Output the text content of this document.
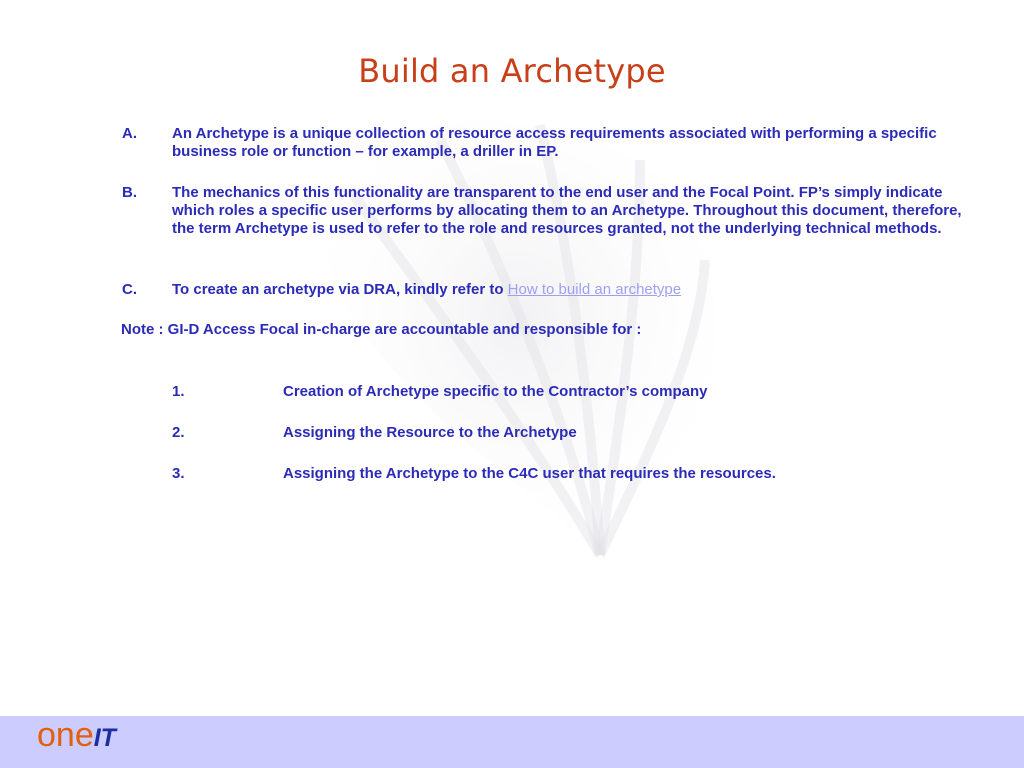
Build an Archetype
A. An Archetype is a unique collection of resource access requirements associated with performing a specific business role or function – for example, a driller in EP.
B. The mechanics of this functionality are transparent to the end user and the Focal Point. FP’s simply indicate which roles a specific user performs by allocating them to an Archetype. Throughout this document, therefore, the term Archetype is used to refer to the role and resources granted, not the underlying technical methods.
C. To create an archetype via DRA, kindly refer to How to build an archetype
Note : GI-D Access Focal in-charge are accountable and responsible for :
1.	Creation of Archetype specific to the Contractor’s company
2.	Assigning the Resource to the Archetype
3.	Assigning the Archetype to the C4C user that requires the resources.
oneIT
